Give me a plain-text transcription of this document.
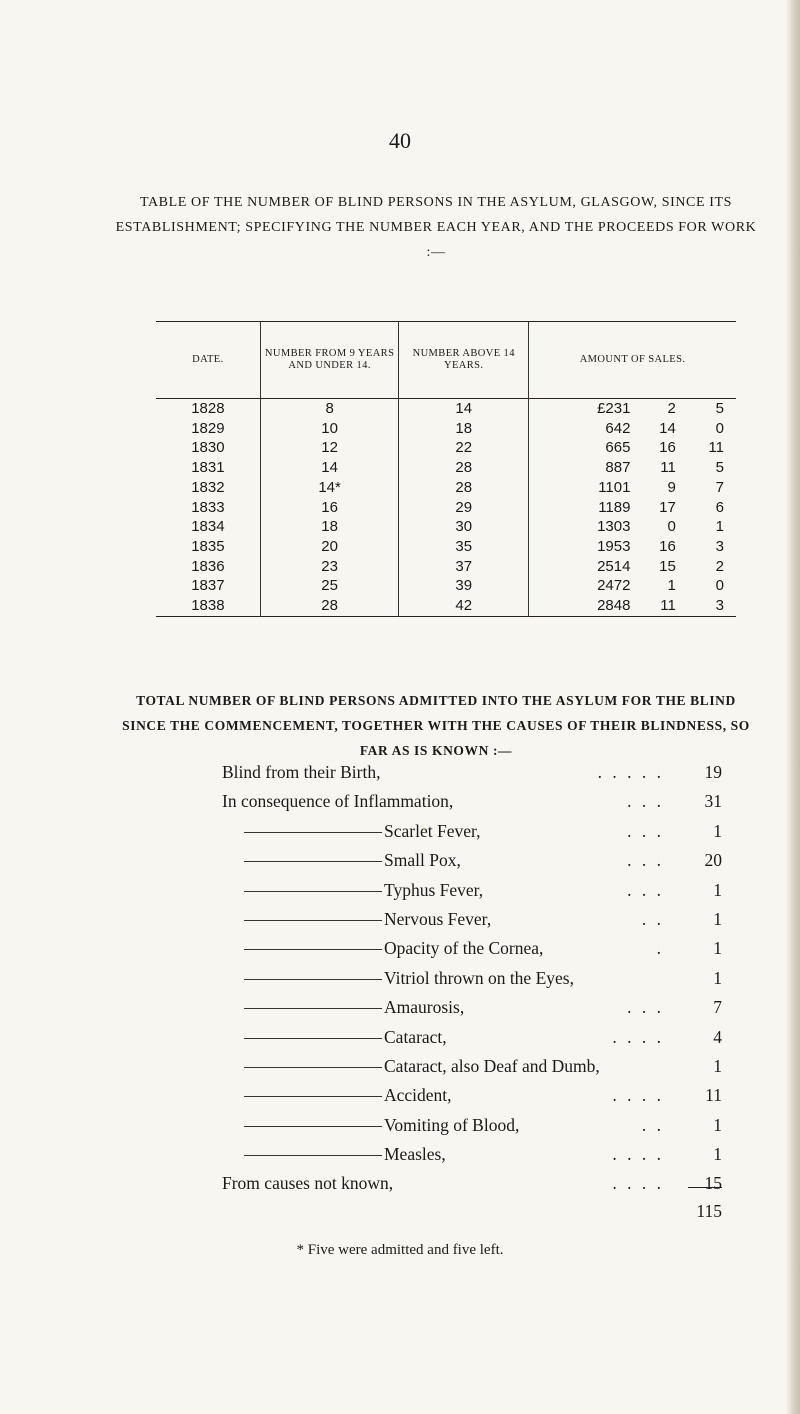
40
TABLE OF THE NUMBER OF BLIND PERSONS IN THE ASYLUM, GLASGOW, SINCE ITS ESTABLISHMENT; SPECIFYING THE NUMBER EACH YEAR, AND THE PROCEEDS FOR WORK :—
DATE.	NUMBER FROM 9 YEARS AND UNDER 14.	NUMBER ABOVE 14 YEARS.	AMOUNT OF SALES.		
1828	8	14	£231	2	5
1829	10	18	642	14	0
1830	12	22	665	16	11
1831	14	28	887	11	5
1832	14*	28	1101	9	7
1833	16	29	1189	17	6
1834	18	30	1303	0	1
1835	20	35	1953	16	3
1836	23	37	2514	15	2
1837	25	39	2472	1	0
1838	28	42	2848	11	3
TOTAL NUMBER OF BLIND PERSONS ADMITTED INTO THE ASYLUM FOR THE BLIND SINCE THE COMMENCEMENT, TOGETHER WITH THE CAUSES OF THEIR BLINDNESS, SO FAR AS IS KNOWN :—
Blind from their Birth,	. . . . .	19
In consequence of Inflammation,	. . .	31
Scarlet Fever,	. . .	1
Small Pox,	. . .	20
Typhus Fever,	. . .	1
Nervous Fever,	. .	1
Opacity of the Cornea,	.	1
Vitriol thrown on the Eyes,	1
Amaurosis,	. . .	7
Cataract,	. . . .	4
Cataract, also Deaf and Dumb,	1
Accident,	. . . .	11
Vomiting of Blood,	. .	1
Measles,	. . . .	1
From causes not known,	. . . .	15
115
* Five were admitted and five left.
